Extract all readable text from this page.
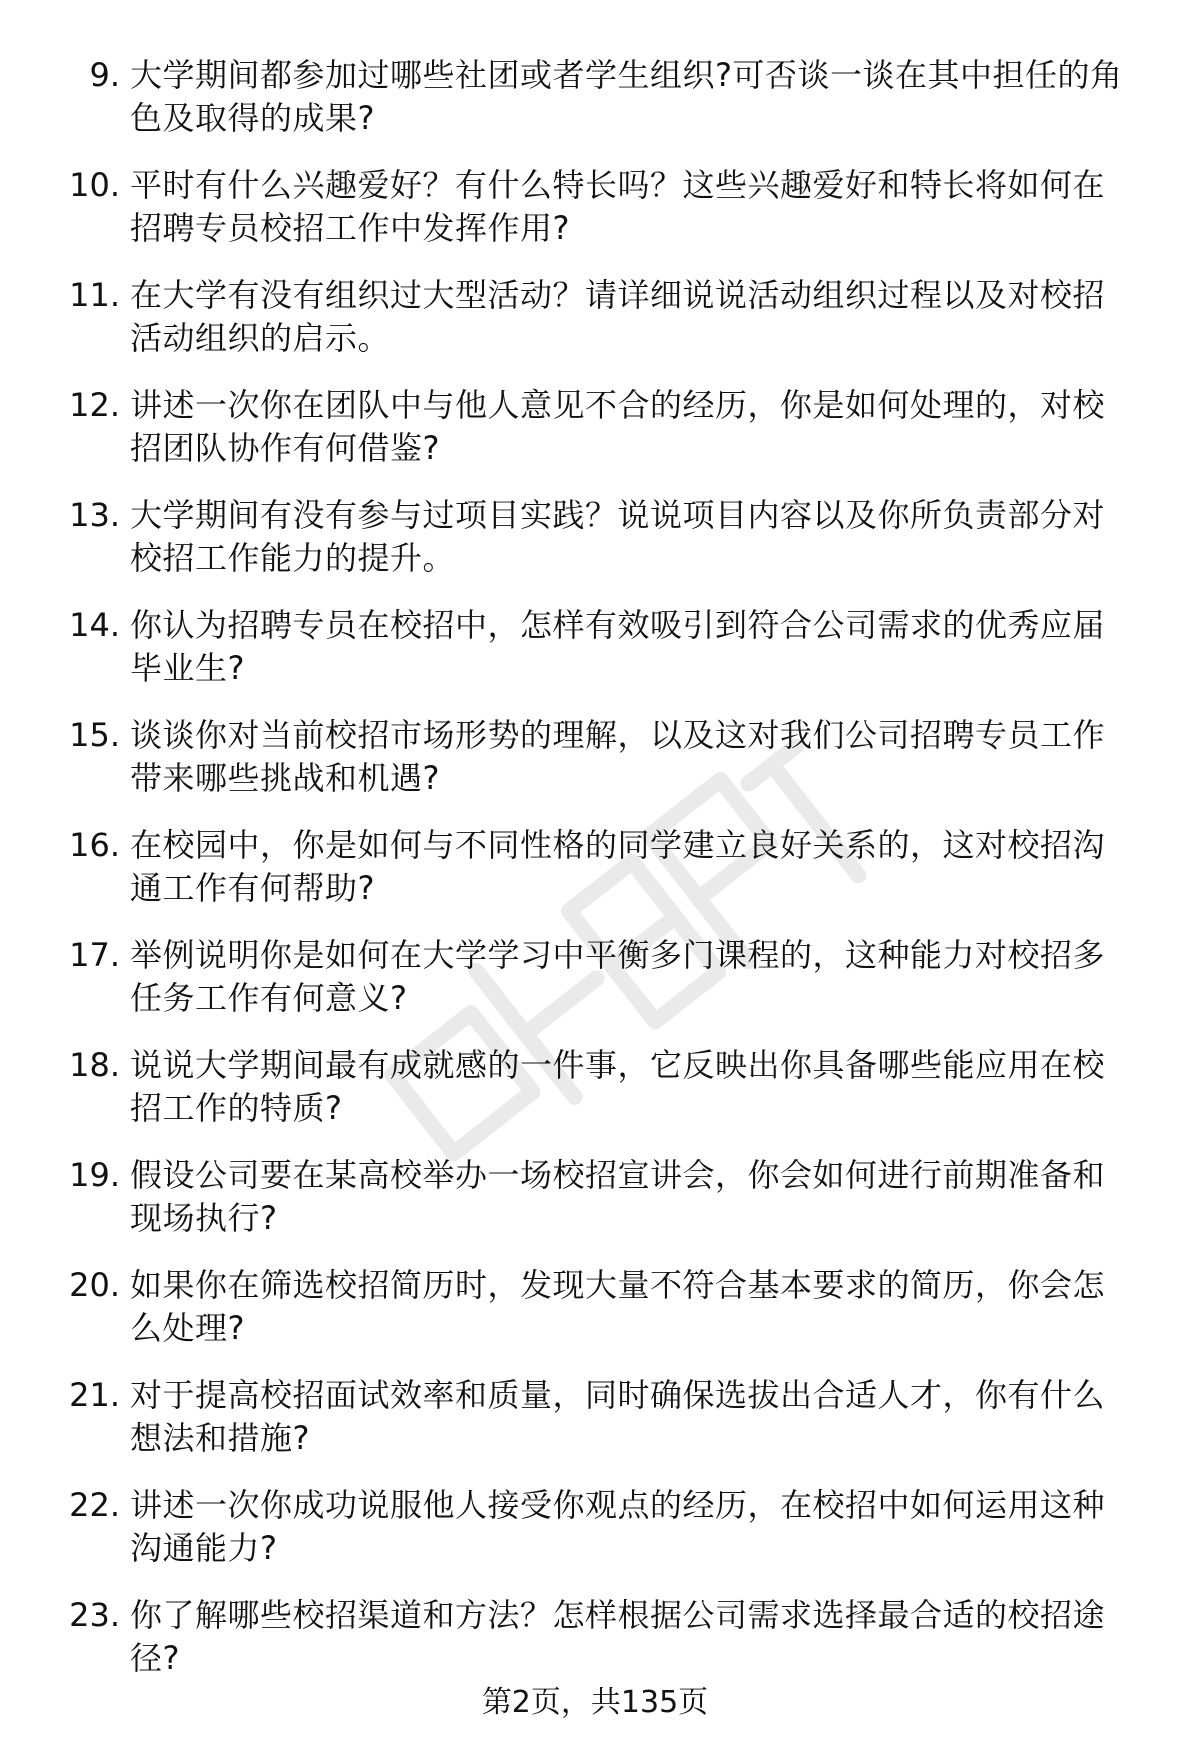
9. 大学期间都参加过哪些社团或者学生组织?可否谈一谈在其中担任的角色及取得的成果?
10. 平时有什么兴趣爱好？有什么特长吗？这些兴趣爱好和特长将如何在招聘专员校招工作中发挥作用?
11. 在大学有没有组织过大型活动？请详细说说活动组织过程以及对校招活动组织的启示。
12. 讲述一次你在团队中与他人意见不合的经历，你是如何处理的，对校招团队协作有何借鉴?
13. 大学期间有没有参与过项目实践？说说项目内容以及你所负责部分对校招工作能力的提升。
14. 你认为招聘专员在校招中，怎样有效吸引到符合公司需求的优秀应届毕业生?
15. 谈谈你对当前校招市场形势的理解，以及这对我们公司招聘专员工作带来哪些挑战和机遇?
16. 在校园中，你是如何与不同性格的同学建立良好关系的，这对校招沟通工作有何帮助?
17. 举例说明你是如何在大学学习中平衡多门课程的，这种能力对校招多任务工作有何意义?
18. 说说大学期间最有成就感的一件事，它反映出你具备哪些能应用在校招工作的特质?
19. 假设公司要在某高校举办一场校招宣讲会，你会如何进行前期准备和现场执行?
20. 如果你在筛选校招简历时，发现大量不符合基本要求的简历，你会怎么处理?
21. 对于提高校招面试效率和质量，同时确保选拔出合适人才，你有什么想法和措施?
22. 讲述一次你成功说服他人接受你观点的经历，在校招中如何运用这种沟通能力?
23. 你了解哪些校招渠道和方法？怎样根据公司需求选择最合适的校招途径?
第2页，共135页
